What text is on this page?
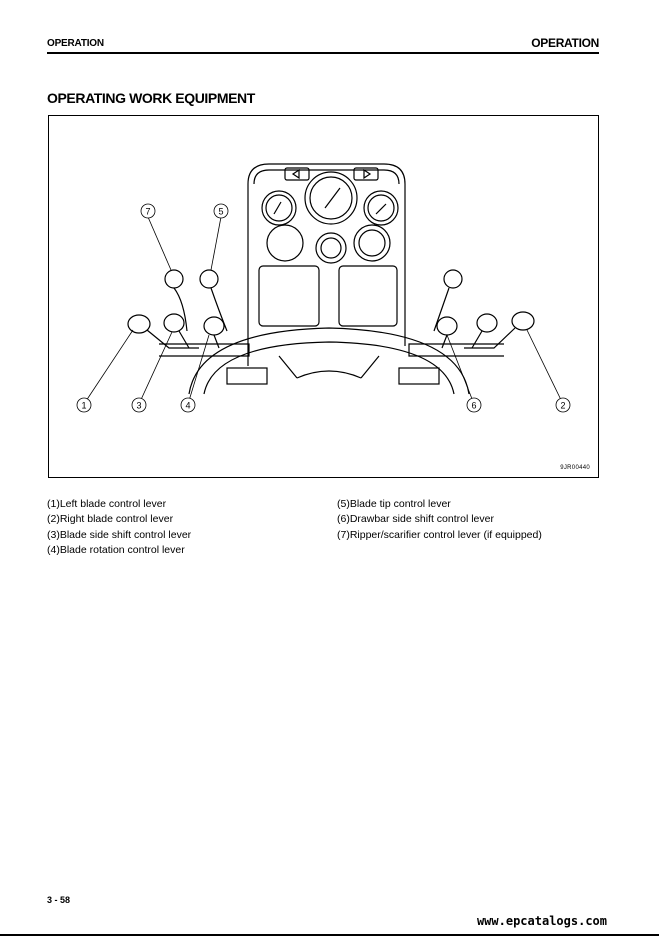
OPERATION	OPERATION
OPERATING WORK EQUIPMENT
1	2
3	4
5
6
7
9JR00440
(1)Left blade control lever
(2)Right blade control lever
(3)Blade side shift control lever
(4)Blade rotation control lever
(5)Blade tip control lever
(6)Drawbar side shift control lever
(7)Ripper/scarifier control lever (if equipped)
3 - 58
www.epcatalogs.com
